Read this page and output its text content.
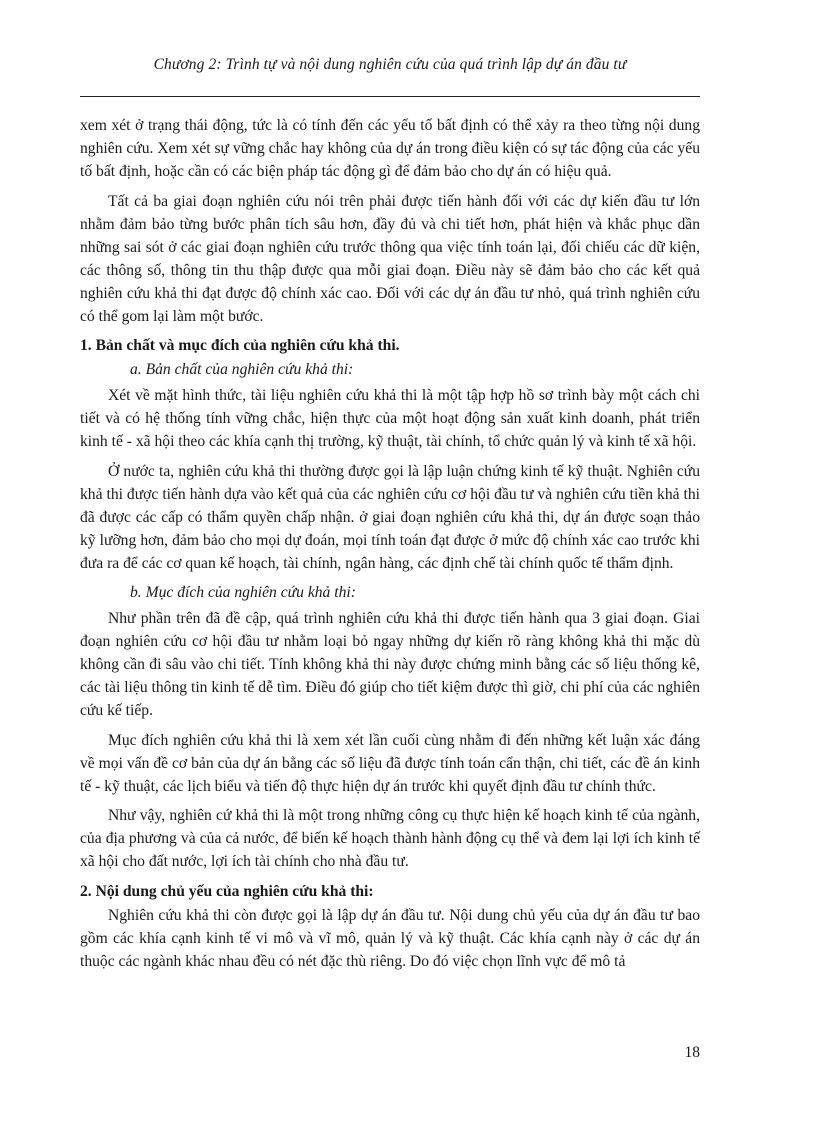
Chương 2: Trình tự và nội dung nghiên cứu của quá trình lập dự án đầu tư

xem xét ở trạng thái động, tức là có tính đến các yếu tố bất định có thể xảy ra theo từng nội dung nghiên cứu. Xem xét sự vững chắc hay không của dự án trong điều kiện có sự tác động của các yếu tố bất định, hoặc cần có các biện pháp tác động gì để đảm bảo cho dự án có hiệu quả.

Tất cả ba giai đoạn nghiên cứu nói trên phải được tiến hành đối với các dự kiến đầu tư lớn nhằm đảm bảo từng bước phân tích sâu hơn, đầy đủ và chi tiết hơn, phát hiện và khắc phục dần những sai sót ở các giai đoạn nghiên cứu trước thông qua việc tính toán lại, đối chiếu các dữ kiện, các thông số, thông tin thu thập được qua mỗi giai đoạn. Điều này sẽ đảm bảo cho các kết quả nghiên cứu khả thi đạt được độ chính xác cao. Đối với các dự án đầu tư nhỏ, quá trình nghiên cứu có thể gom lại làm một bước.

1. Bản chất và mục đích của nghiên cứu khả thi.

a. Bản chất của nghiên cứu khả thi:

Xét về mặt hình thức, tài liệu nghiên cứu khả thi là một tập hợp hồ sơ trình bày một cách chi tiết và có hệ thống tính vững chắc, hiện thực của một hoạt động sản xuất kinh doanh, phát triển kinh tế - xã hội theo các khía cạnh thị trường, kỹ thuật, tài chính, tổ chức quản lý và kinh tế xã hội.

Ở nước ta, nghiên cứu khả thi thường được gọi là lập luận chứng kinh tế kỹ thuật. Nghiên cứu khả thi được tiến hành dựa vào kết quả của các nghiên cứu cơ hội đầu tư và nghiên cứu tiền khả thi đã được các cấp có thẩm quyền chấp nhận. ở giai đoạn nghiên cứu khả thi, dự án được soạn thảo kỹ lưỡng hơn, đảm bảo cho mọi dự đoán, mọi tính toán đạt được ở mức độ chính xác cao trước khi đưa ra để các cơ quan kế hoạch, tài chính, ngân hàng, các định chế tài chính quốc tế thẩm định.

b. Mục đích của nghiên cứu khả thi:

Như phần trên đã đề cập, quá trình nghiên cứu khả thi được tiến hành qua 3 giai đoạn. Giai đoạn nghiên cứu cơ hội đầu tư nhằm loại bỏ ngay những dự kiến rõ ràng không khả thi mặc dù không cần đi sâu vào chi tiết. Tính không khả thi này được chứng minh bằng các số liệu thống kê, các tài liệu thông tin kinh tế dễ tìm. Điều đó giúp cho tiết kiệm được thì giờ, chi phí của các nghiên cứu kế tiếp.

Mục đích nghiên cứu khả thi là xem xét lần cuối cùng nhằm đi đến những kết luận xác đáng về mọi vấn đề cơ bản của dự án bằng các số liệu đã được tính toán cẩn thận, chi tiết, các đề án kinh tế - kỹ thuật, các lịch biểu và tiến độ thực hiện dự án trước khi quyết định đầu tư chính thức.

Như vậy, nghiên cứ khả thi là một trong những công cụ thực hiện kế hoạch kinh tế của ngành, của địa phương và của cả nước, để biến kế hoạch thành hành động cụ thể và đem lại lợi ích kinh tế xã hội cho đất nước, lợi ích tài chính cho nhà đầu tư.

2. Nội dung chủ yếu của nghiên cứu khả thi:

Nghiên cứu khả thi còn được gọi là lập dự án đầu tư. Nội dung chủ yếu của dự án đầu tư bao gồm các khía cạnh kinh tế vi mô và vĩ mô, quản lý và kỹ thuật. Các khía cạnh này ở các dự án thuộc các ngành khác nhau đều có nét đặc thù riêng. Do đó việc chọn lĩnh vực để mô tả

18
